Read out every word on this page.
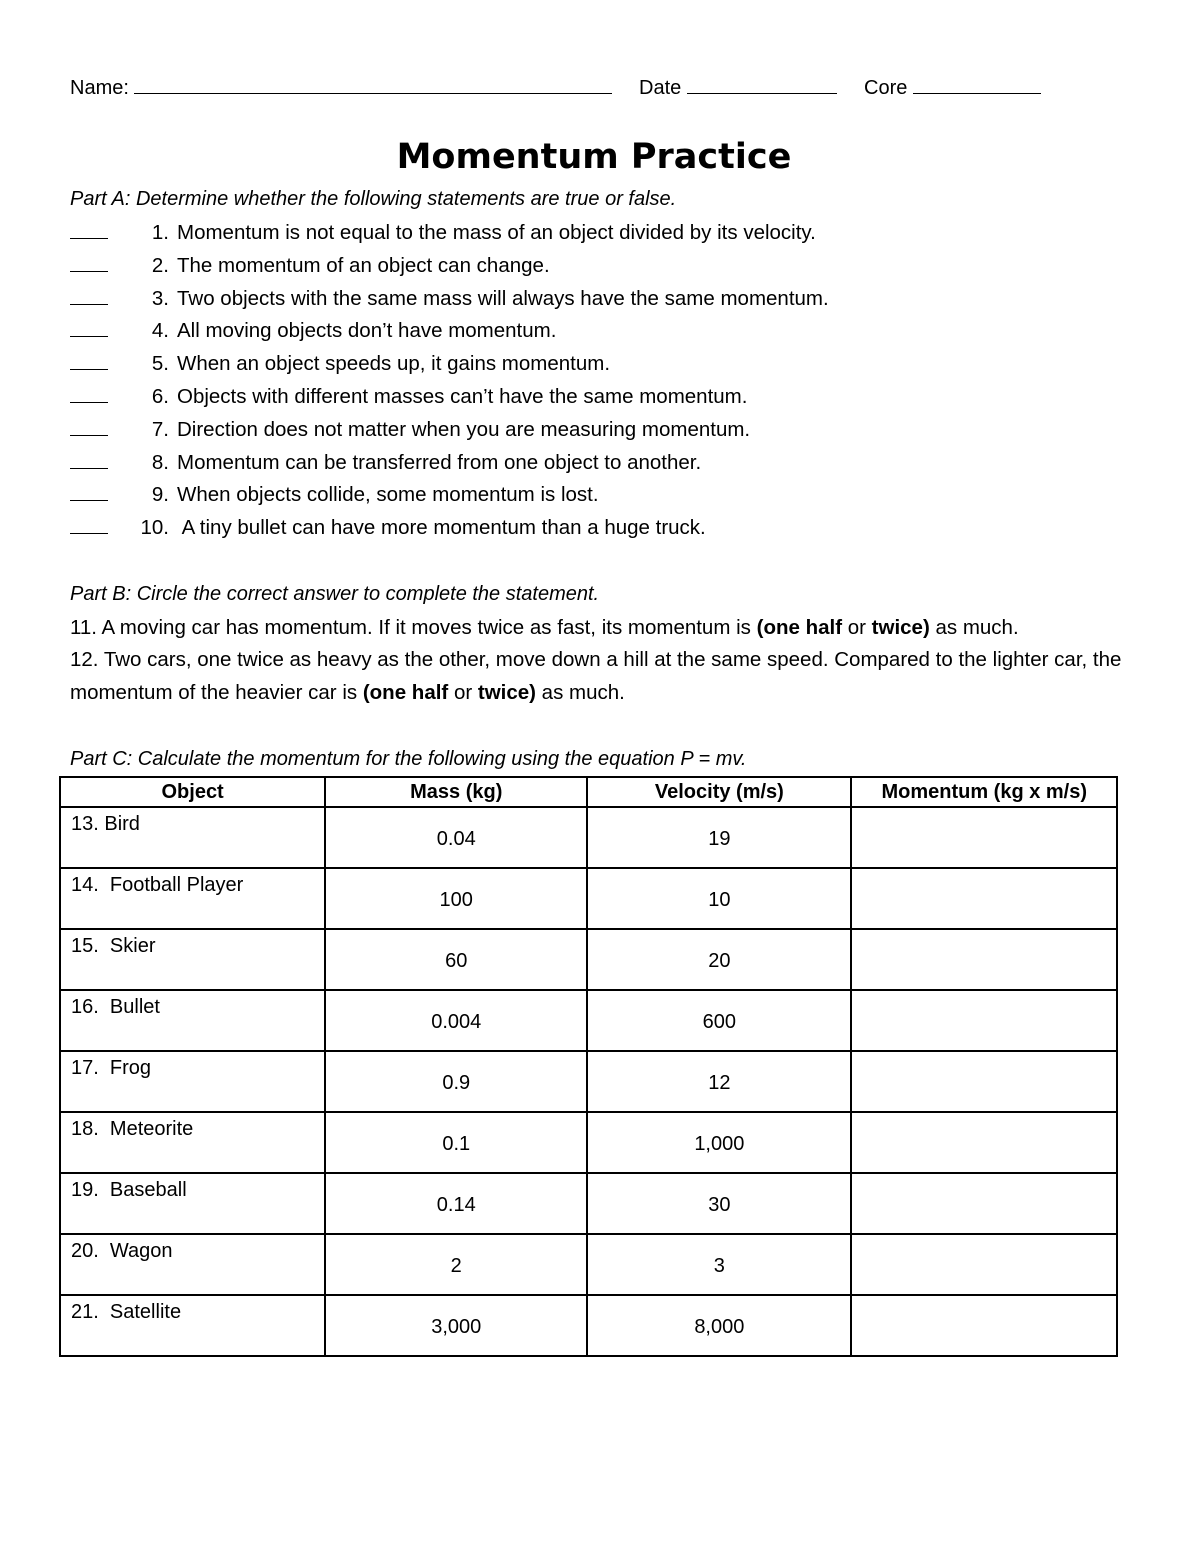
Name:	Date	Core
Momentum Practice
Part A: Determine whether the following statements are true or false.
1. Momentum is not equal to the mass of an object divided by its velocity.
2. The momentum of an object can change.
3. Two objects with the same mass will always have the same momentum.
4. All moving objects don’t have momentum.
5. When an object speeds up, it gains momentum.
6. Objects with different masses can’t have the same momentum.
7. Direction does not matter when you are measuring momentum.
8. Momentum can be transferred from one object to another.
9. When objects collide, some momentum is lost.
10. A tiny bullet can have more momentum than a huge truck.
Part B: Circle the correct answer to complete the statement.
11. A moving car has momentum. If it moves twice as fast, its momentum is (one half or twice) as much.
12. Two cars, one twice as heavy as the other, move down a hill at the same speed. Compared to the lighter car, the momentum of the heavier car is (one half or twice) as much.
Part C: Calculate the momentum for the following using the equation P = mv.
Object	Mass (kg)	Velocity (m/s)	Momentum (kg x m/s)
13. Bird	0.04	19	
14.  Football Player	100	10	
15.  Skier	60	20	
16.  Bullet	0.004	600	
17.  Frog	0.9	12	
18.  Meteorite	0.1	1,000	
19.  Baseball	0.14	30	
20.  Wagon	2	3	
21.  Satellite	3,000	8,000	
